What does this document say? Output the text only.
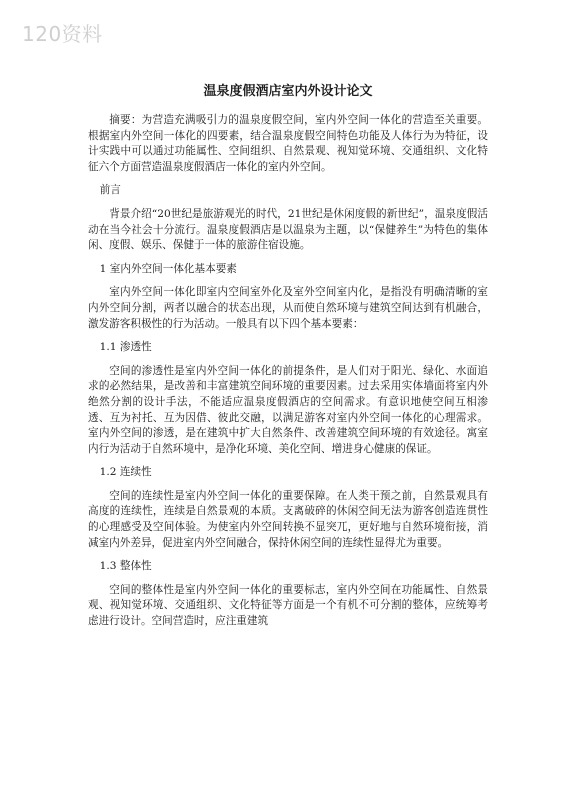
120资料
温泉度假酒店室内外设计论文

摘要：为营造充满吸引力的温泉度假空间，室内外空间一体化的营造至关重要。根据室内外空间一体化的四要素，结合温泉度假空间特色功能及人体行为为特征，设计实践中可以通过功能属性、空间组织、自然景观、视知觉环境、交通组织、文化特征六个方面营造温泉度假酒店一体化的室内外空间。

前言

背景介绍“20世纪是旅游观光的时代，21世纪是休闲度假的新世纪”，温泉度假活动在当今社会十分流行。温泉度假酒店是以温泉为主题，以“保健养生”为特色的集体闲、度假、娱乐、保健于一体的旅游住宿设施。

1 室内外空间一体化基本要素

室内外空间一体化即室内空间室外化及室外空间室内化，是指没有明确清晰的室内外空间分割，两者以融合的状态出现，从而使自然环境与建筑空间达到有机融合，激发游客积极性的行为活动。一般具有以下四个基本要素：

1.1 渗透性

空间的渗透性是室内外空间一体化的前提条件，是人们对于阳光、绿化、水面追求的必然结果，是改善和丰富建筑空间环境的重要因素。过去采用实体墙面将室内外绝然分割的设计手法，不能适应温泉度假酒店的空间需求。有意识地使空间互相渗透、互为衬托、互为因借、彼此交融，以满足游客对室内外空间一体化的心理需求。室内外空间的渗透，是在建筑中扩大自然条件、改善建筑空间环境的有效途径。寓室内行为活动于自然环境中，是净化环境、美化空间、增进身心健康的保证。

1.2 连续性

空间的连续性是室内外空间一体化的重要保障。在人类干预之前，自然景观具有高度的连续性，连续是自然景观的本质。支离破碎的休闲空间无法为游客创造连贯性的心理感受及空间体验。为使室内外空间转换不显突兀，更好地与自然环境衔接，消减室内外差异，促进室内外空间融合，保持休闲空间的连续性显得尤为重要。

1.3 整体性

空间的整体性是室内外空间一体化的重要标志，室内外空间在功能属性、自然景观、视知觉环境、交通组织、文化特征等方面是一个有机不可分割的整体，应统筹考虑进行设计。空间营造时，应注重建筑
